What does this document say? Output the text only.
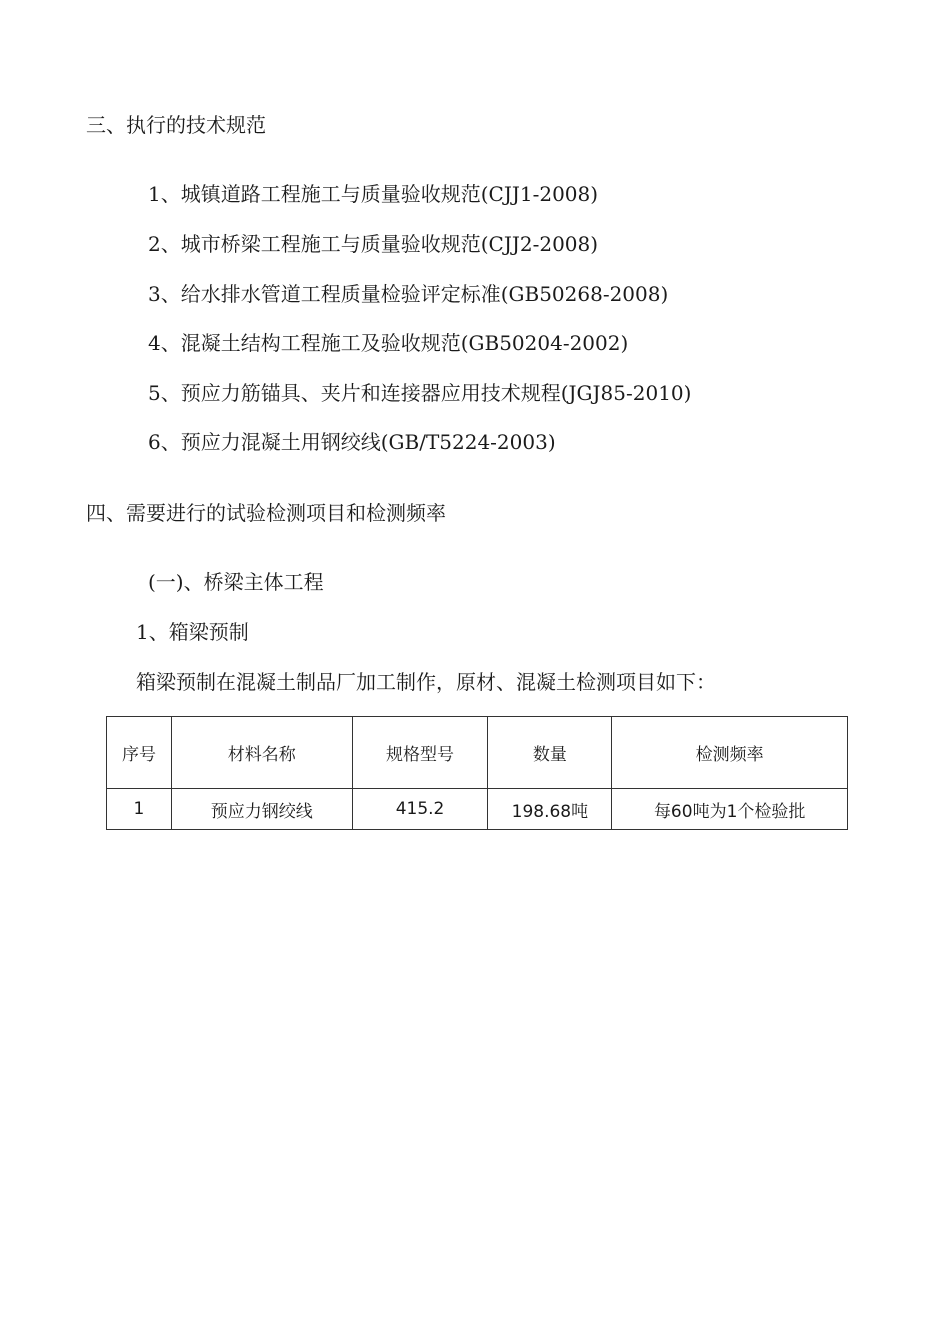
三、执行的技术规范
1、城镇道路工程施工与质量验收规范(CJJ1-2008)
2、城市桥梁工程施工与质量验收规范(CJJ2-2008)
3、给水排水管道工程质量检验评定标准(GB50268-2008)
4、混凝土结构工程施工及验收规范(GB50204-2002)
5、预应力筋锚具、夹片和连接器应用技术规程(JGJ85-2010)
6、预应力混凝土用钢绞线(GB/T5224-2003)
四、需要进行的试验检测项目和检测频率
(一)、桥梁主体工程
1、箱梁预制
箱梁预制在混凝土制品厂加工制作，原材、混凝土检测项目如下：
序号	材料名称	规格型号	数量	检测频率
1	预应力钢绞线	415.2	198.68吨	每60吨为1个检验批
